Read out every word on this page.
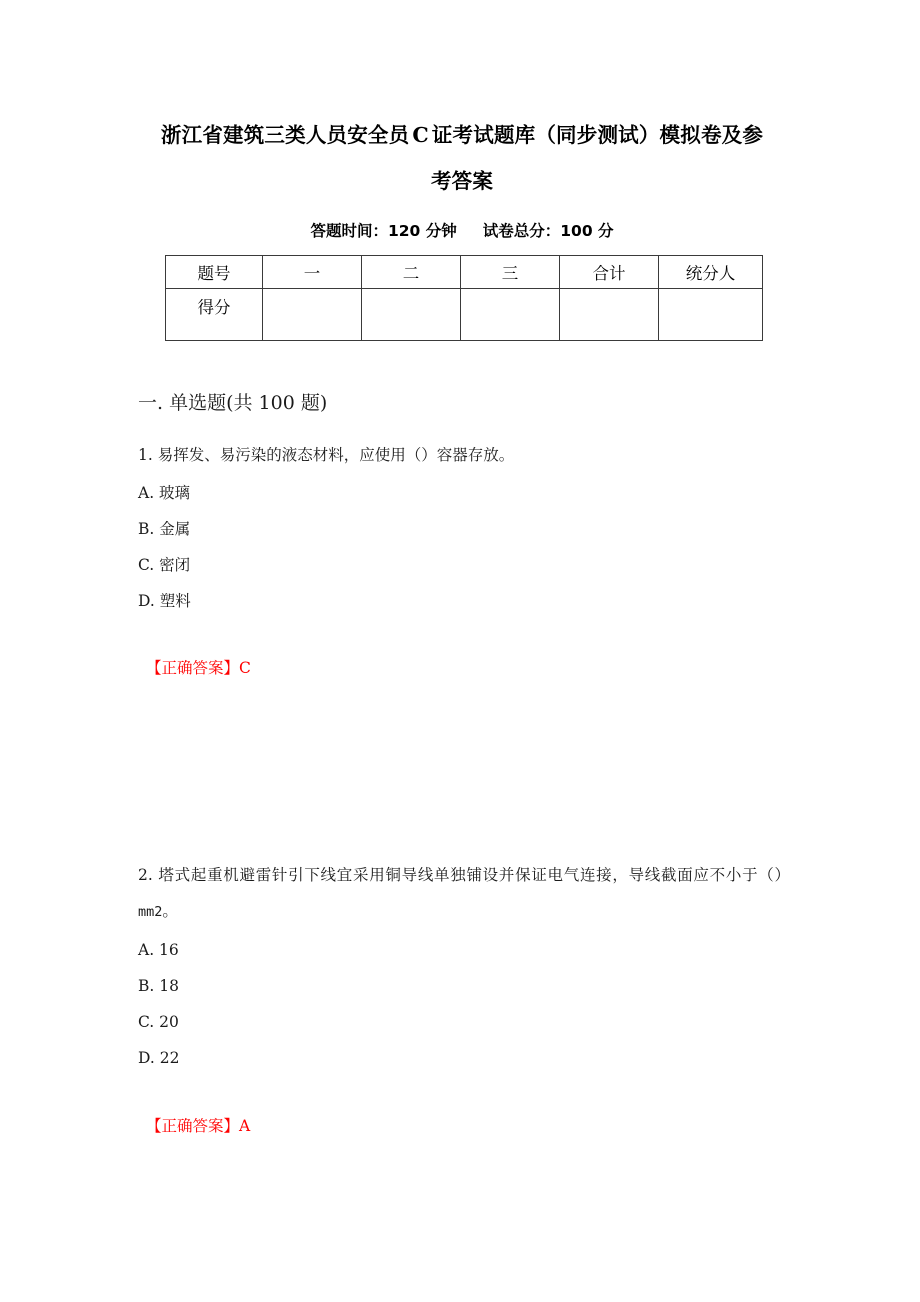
浙江省建筑三类人员安全员 C 证考试题库（同步测试）模拟卷及参
考答案
答题时间：120 分钟 试卷总分：100 分
题号	一	二	三	合计	统分人
得分					
一. 单选题(共 100 题)

1. 易挥发、易污染的液态材料，应使用（）容器存放。

A. 玻璃

B. 金属

C. 密闭

D. 塑料

【正确答案】C

2. 塔式起重机避雷针引下线宜采用铜导线单独铺设并保证电气连接，导线截面应不小于（）mm2。

A. 16

B. 18

C. 20

D. 22

【正确答案】A
